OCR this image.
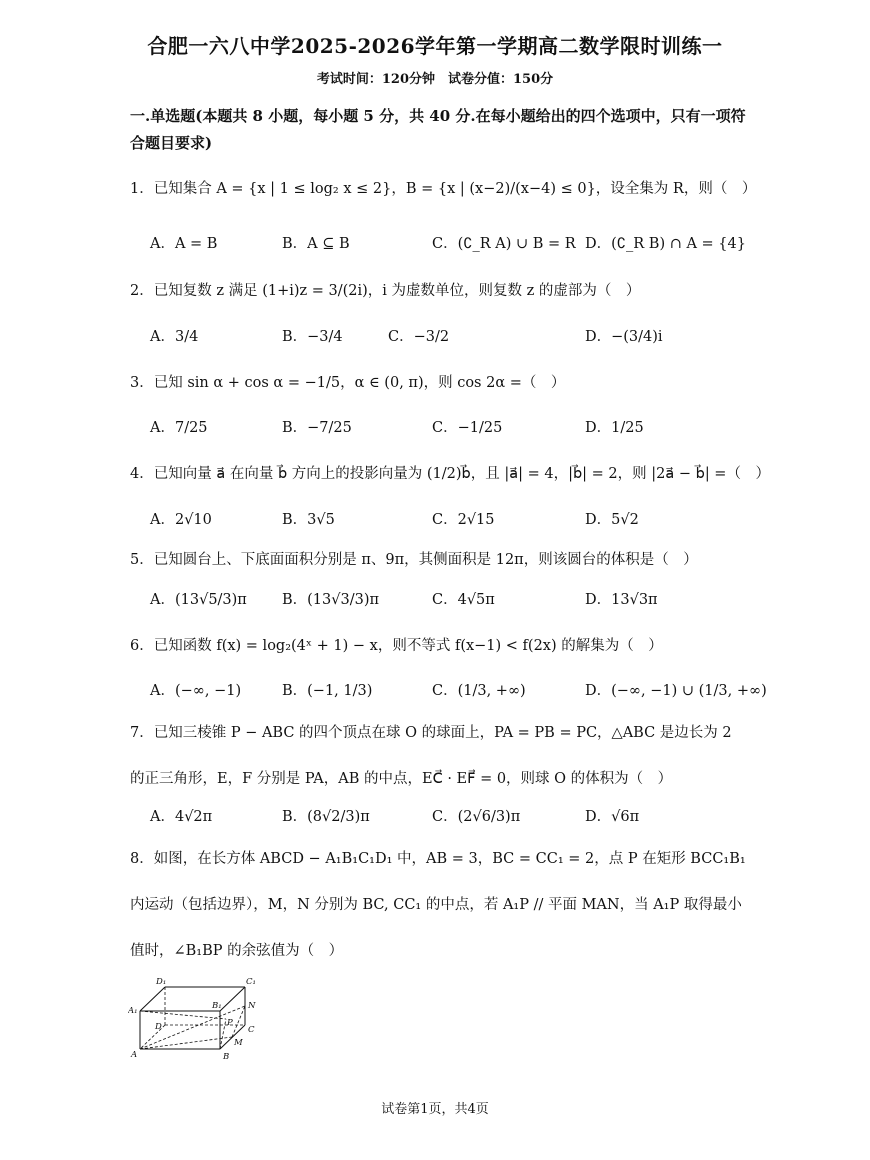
合肥一六八中学2025-2026学年第一学期高二数学限时训练一
考试时间：120分钟　试卷分值：150分
一.单选题(本题共 8 小题，每小题 5 分，共 40 分.在每小题给出的四个选项中，只有一项符合题目要求)
1．已知集合 A = {x | 1 ≤ log₂ x ≤ 2}，B = {x | (x−2)/(x−4) ≤ 0}，设全集为 R，则（　）
A．A = B	B．A ⊆ B	C．(∁_R A) ∪ B = R D．(∁_R B) ∩ A = {4}
2．已知复数 z 满足 (1+i)z = 3/(2i)，i 为虚数单位，则复数 z 的虚部为（　）
A．3/4	B．−3/4	C．−3/2	D．−(3/4)i
3．已知 sin α + cos α = −1/5，α ∈ (0, π)，则 cos 2α =（　）
A．7/25	B．−7/25	C．−1/25	D．1/25
4．已知向量 a⃗ 在向量 b⃗ 方向上的投影向量为 (1/2)b⃗，且 |a⃗| = 4，|b⃗| = 2，则 |2a⃗ − b⃗| =（　）
A．2√10	B．3√5	C．2√15	D．5√2
5．已知圆台上、下底面面积分别是 π、9π，其侧面积是 12π，则该圆台的体积是（　）
A．(13√5/3)π B．(13√3/3)π	C．4√5π	D．13√3π
6．已知函数 f(x) = log₂(4ˣ + 1) − x，则不等式 f(x−1) < f(2x) 的解集为（　）
A．(−∞, −1)	B．(−1, 1/3)	C．(1/3, +∞)	D．(−∞, −1) ∪ (1/3, +∞)
7．已知三棱锥 P − ABC 的四个顶点在球 O 的球面上，PA = PB = PC，△ABC 是边长为 2 的正三角形，E，F 分别是 PA，AB 的中点，EC⃗ · EF⃗ = 0，则球 O 的体积为（　）
A．4√2π	B．(8√2/3)π	C．(2√6/3)π	D．√6π
8．如图，在长方体 ABCD − A₁B₁C₁D₁ 中，AB = 3，BC = CC₁ = 2，点 P 在矩形 BCC₁B₁ 内运动（包括边界），M，N 分别为 BC, CC₁ 的中点，若 A₁P // 平面 MAN，当 A₁P 取得最小值时，∠B₁BP 的余弦值为（　）
D₁	C₁
A₁	B₁	N
D	P
C
A
M
B
试卷第1页，共4页
